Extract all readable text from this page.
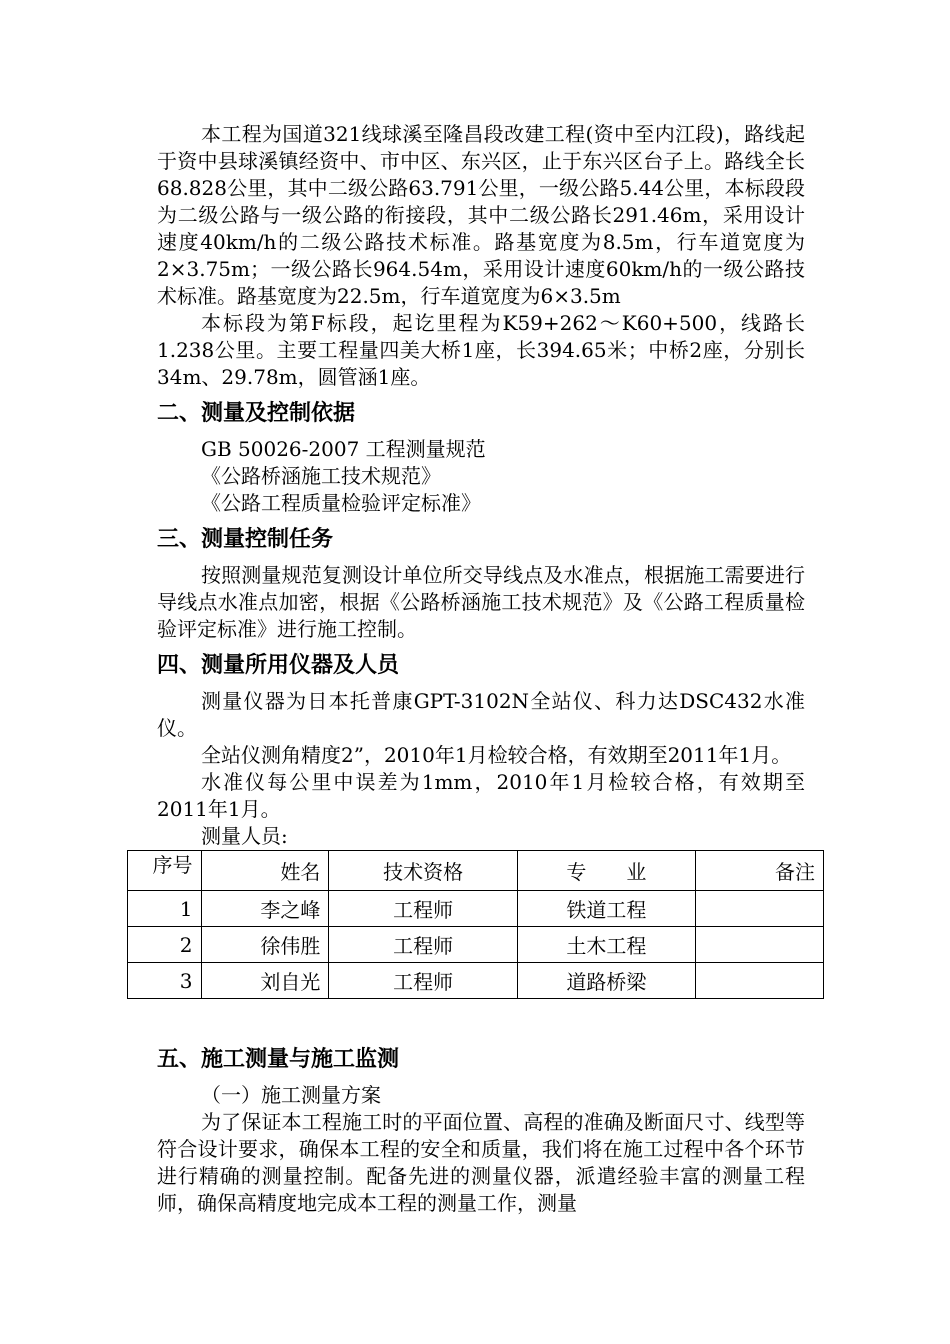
本工程为国道321线球溪至隆昌段改建工程(资中至内江段)，路线起于资中县球溪镇经资中、市中区、东兴区，止于东兴区台子上。路线全长68.828公里，其中二级公路63.791公里，一级公路5.44公里，本标段段为二级公路与一级公路的衔接段，其中二级公路长291.46m，采用设计速度40km/h的二级公路技术标准。路基宽度为8.5m，行车道宽度为2×3.75m；一级公路长964.54m，采用设计速度60km/h的一级公路技术标准。路基宽度为22.5m，行车道宽度为6×3.5m

本标段为第F标段，起讫里程为K59+262～K60+500，线路长1.238公里。主要工程量四美大桥1座，长394.65米；中桥2座，分别长34m、29.78m，圆管涵1座。

二、测量及控制依据

GB 50026-2007 工程测量规范

《公路桥涵施工技术规范》

《公路工程质量检验评定标准》

三、测量控制任务

按照测量规范复测设计单位所交导线点及水准点，根据施工需要进行导线点水准点加密，根据《公路桥涵施工技术规范》及《公路工程质量检验评定标准》进行施工控制。

四、测量所用仪器及人员

测量仪器为日本托普康GPT-3102N全站仪、科力达DSC432水准仪。

全站仪测角精度2”，2010年1月检较合格，有效期至2011年1月。

水准仪每公里中误差为1mm，2010年1月检较合格，有效期至2011年1月。

测量人员:

序号	姓名	技术资格	专　　业	备注
1	李之峰	工程师	铁道工程	
2	徐伟胜	工程师	土木工程	
3	刘自光	工程师	道路桥梁	
五、施工测量与施工监测

（一）施工测量方案

为了保证本工程施工时的平面位置、高程的准确及断面尺寸、线型等符合设计要求，确保本工程的安全和质量，我们将在施工过程中各个环节进行精确的测量控制。配备先进的测量仪器，派遣经验丰富的测量工程师，确保高精度地完成本工程的测量工作，测量
